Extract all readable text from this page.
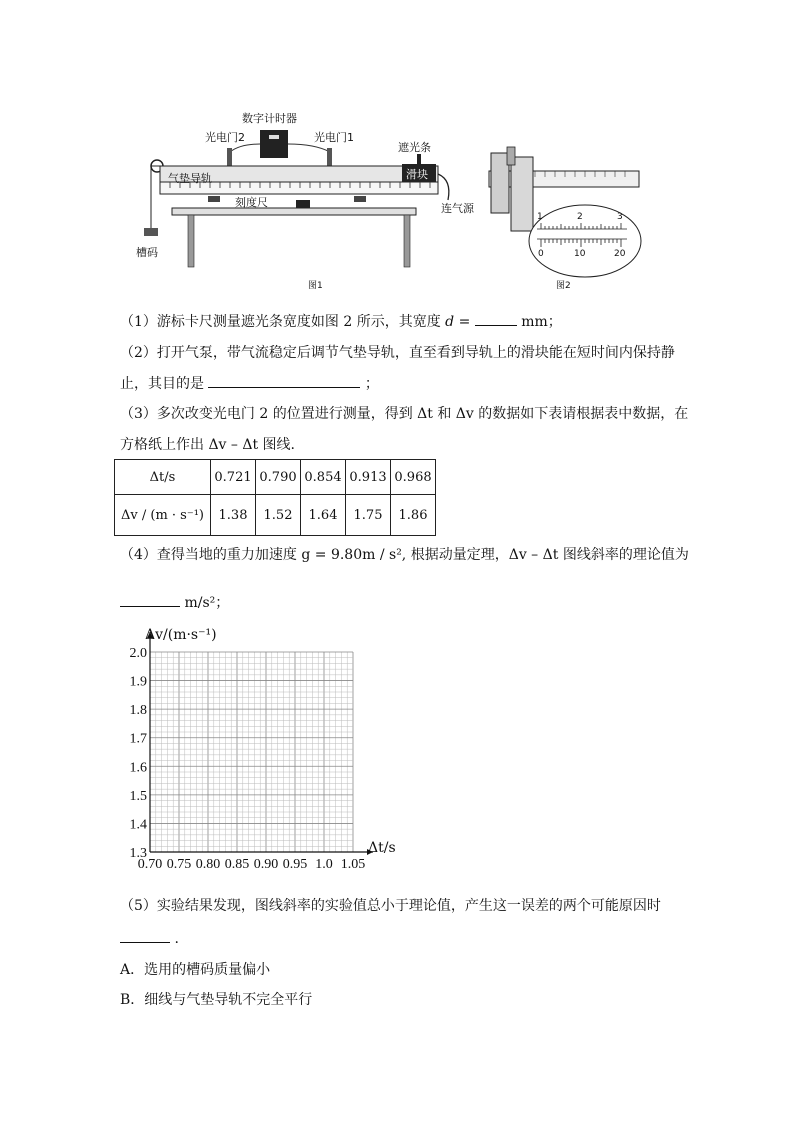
数字计时器
光电门2	光电门1
遮光条
滑块
气垫导轨
刻度尺	连气源
槽码
图1
1	2	3
0	10	20
图2
（1）游标卡尺测量遮光条宽度如图 2 所示，其宽度 d =	mm；
（2）打开气泵，带气流稳定后调节气垫导轨，直至看到导轨上的滑块能在短时间内保持静
止，其目的是	；
（3）多次改变光电门 2 的位置进行测量，得到 Δt 和 Δv 的数据如下表请根据表中数据，在
方格纸上作出 Δv – Δt 图线.
Δt/s	0.721	0.790	0.854	0.913	0.968
Δv / (m · s⁻¹)	1.38	1.52	1.64	1.75	1.86
（4）查得当地的重力加速度 g = 9.80m / s², 根据动量定理，Δv – Δt 图线斜率的理论值为
m/s²；
0.70 0.75 0.80 0.85 0.90 0.95 1.0 1.05
1.3
1.4
1.5
1.6
1.7
1.8
1.9
2.0
Δv/(m·s⁻¹)
Δt/s
（5）实验结果发现，图线斜率的实验值总小于理论值，产生这一误差的两个可能原因时
.
A．选用的槽码质量偏小
B．细线与气垫导轨不完全平行
